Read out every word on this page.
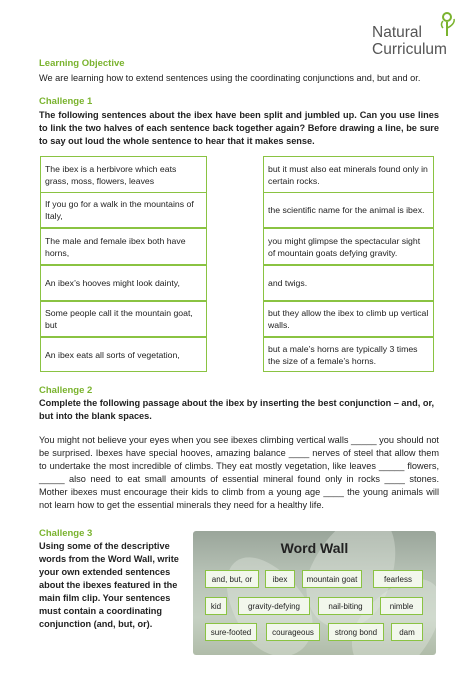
Natural
Curriculum
Learning Objective
We are learning how to extend sentences using the coordinating conjunctions and, but and or.
Challenge 1
The following sentences about the ibex have been split and jumbled up. Can you use lines to link the two halves of each sentence back together again? Before drawing a line, be sure to say out loud the whole sentence to hear that it makes sense.
The ibex is a herbivore which eats grass, moss, flowers, leaves
If you go for a walk in the mountains of Italy,
The male and female ibex both have horns,
An ibex’s hooves might look dainty,
Some people call it the mountain goat, but
An ibex eats all sorts of vegetation,
but it must also eat minerals found only in certain rocks.
the scientific name for the animal is ibex.
you might glimpse the spectacular sight of mountain goats defying gravity.
and twigs.
but they allow the ibex to climb up vertical walls.
but a male’s horns are typically 3 times the size of a female’s horns.
Challenge 2
Complete the following passage about the ibex by inserting the best conjunction – and, or, but into the blank spaces.
You might not believe your eyes when you see ibexes climbing vertical walls _____ you should not be surprised. Ibexes have special hooves, amazing balance ____ nerves of steel that allow them to undertake the most incredible of climbs. They eat mostly vegetation, like leaves _____ flowers, _____ also need to eat small amounts of essential mineral found only in rocks ____ stones. Mother ibexes must encourage their kids to climb from a young age ____ the young animals will not learn how to get the essential minerals they need for a healthy life.
Challenge 3
Using some of the descriptive words from the Word Wall, write your own extended sentences about the ibexes featured in the main film clip. Your sentences must contain a coordinating conjunction (and, but, or).
Word Wall
and, but, or	ibex	mountain goat	fearless
kid	gravity-defying	nail-biting	nimble
sure-footed	courageous	strong bond	dam
